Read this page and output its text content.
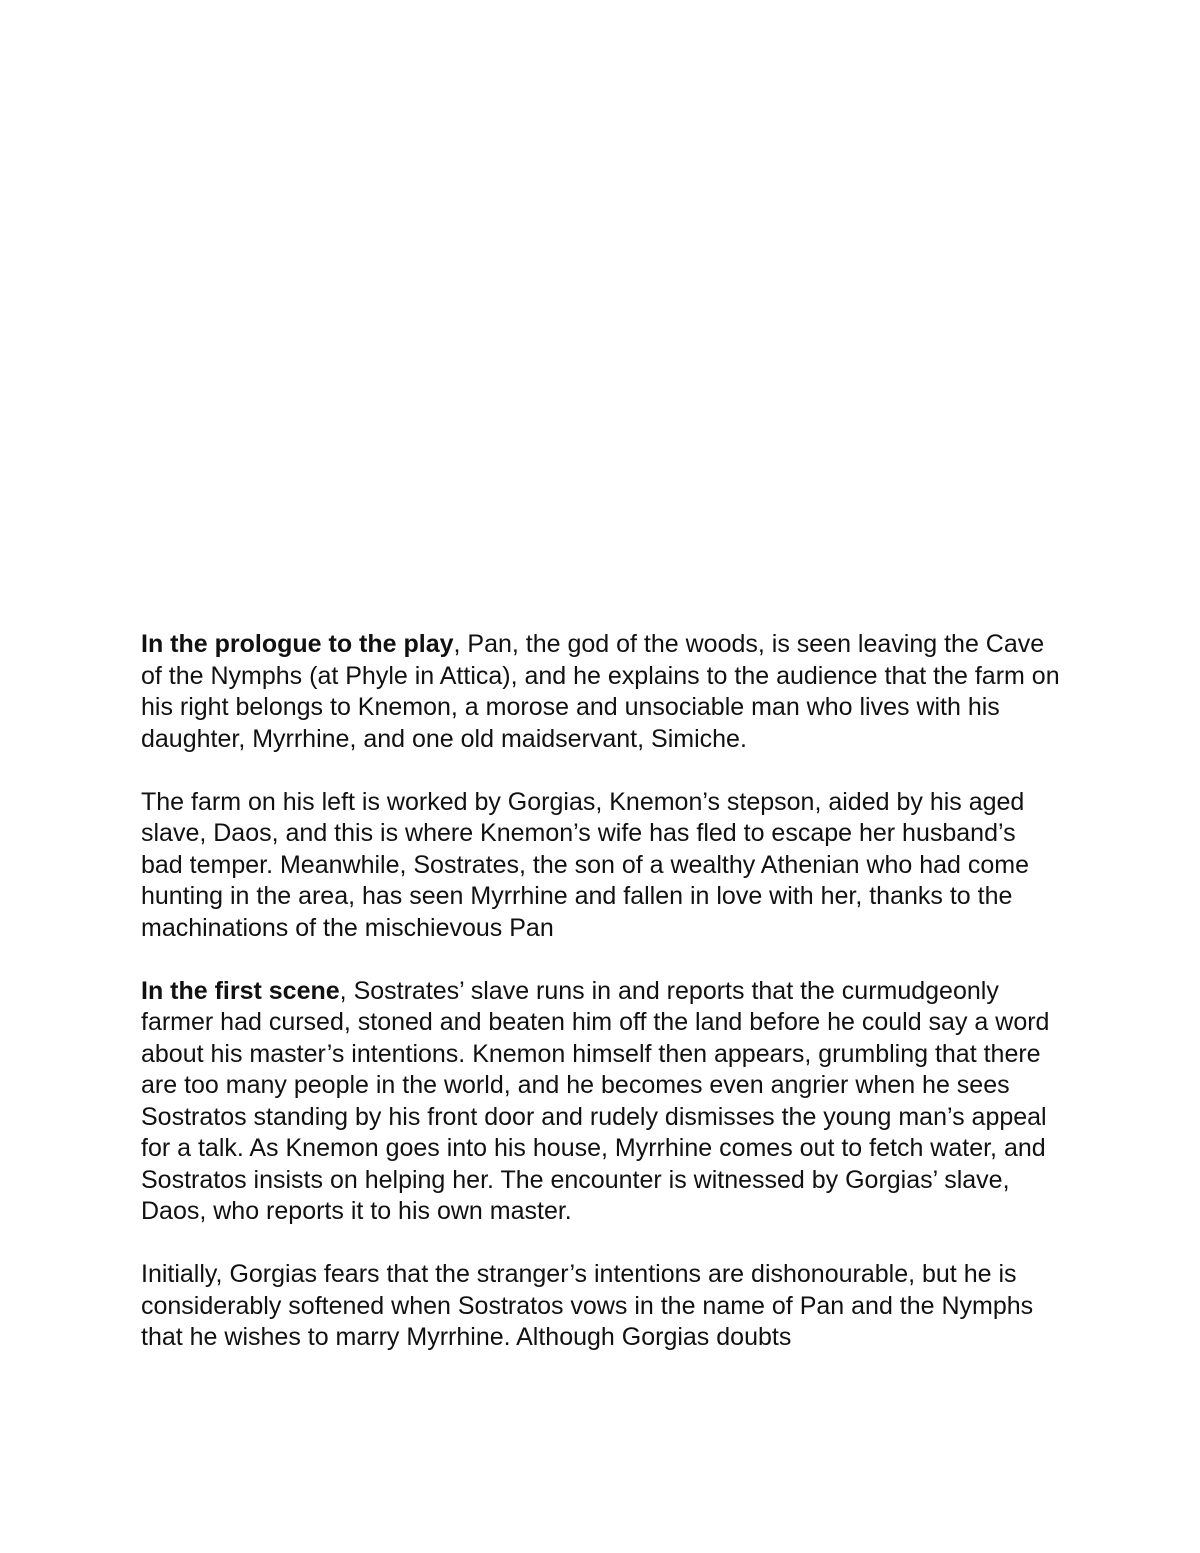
In the prologue to the play, Pan, the god of the woods, is seen leaving the Cave of the Nymphs (at Phyle in Attica), and he explains to the audience that the farm on his right belongs to Knemon, a morose and unsociable man who lives with his daughter, Myrrhine, and one old maidservant, Simiche.

The farm on his left is worked by Gorgias, Knemon’s stepson, aided by his aged slave, Daos, and this is where Knemon’s wife has fled to escape her husband’s bad temper. Meanwhile, Sostrates, the son of a wealthy Athenian who had come hunting in the area, has seen Myrrhine and fallen in love with her, thanks to the machinations of the mischievous Pan

In the first scene, Sostrates’ slave runs in and reports that the curmudgeonly farmer had cursed, stoned and beaten him off the land before he could say a word about his master’s intentions. Knemon himself then appears, grumbling that there are too many people in the world, and he becomes even angrier when he sees Sostratos standing by his front door and rudely dismisses the young man’s appeal for a talk. As Knemon goes into his house, Myrrhine comes out to fetch water, and Sostratos insists on helping her. The encounter is witnessed by Gorgias’ slave, Daos, who reports it to his own master.

Initially, Gorgias fears that the stranger’s intentions are dishonourable, but he is considerably softened when Sostratos vows in the name of Pan and the Nymphs that he wishes to marry Myrrhine. Although Gorgias doubts
